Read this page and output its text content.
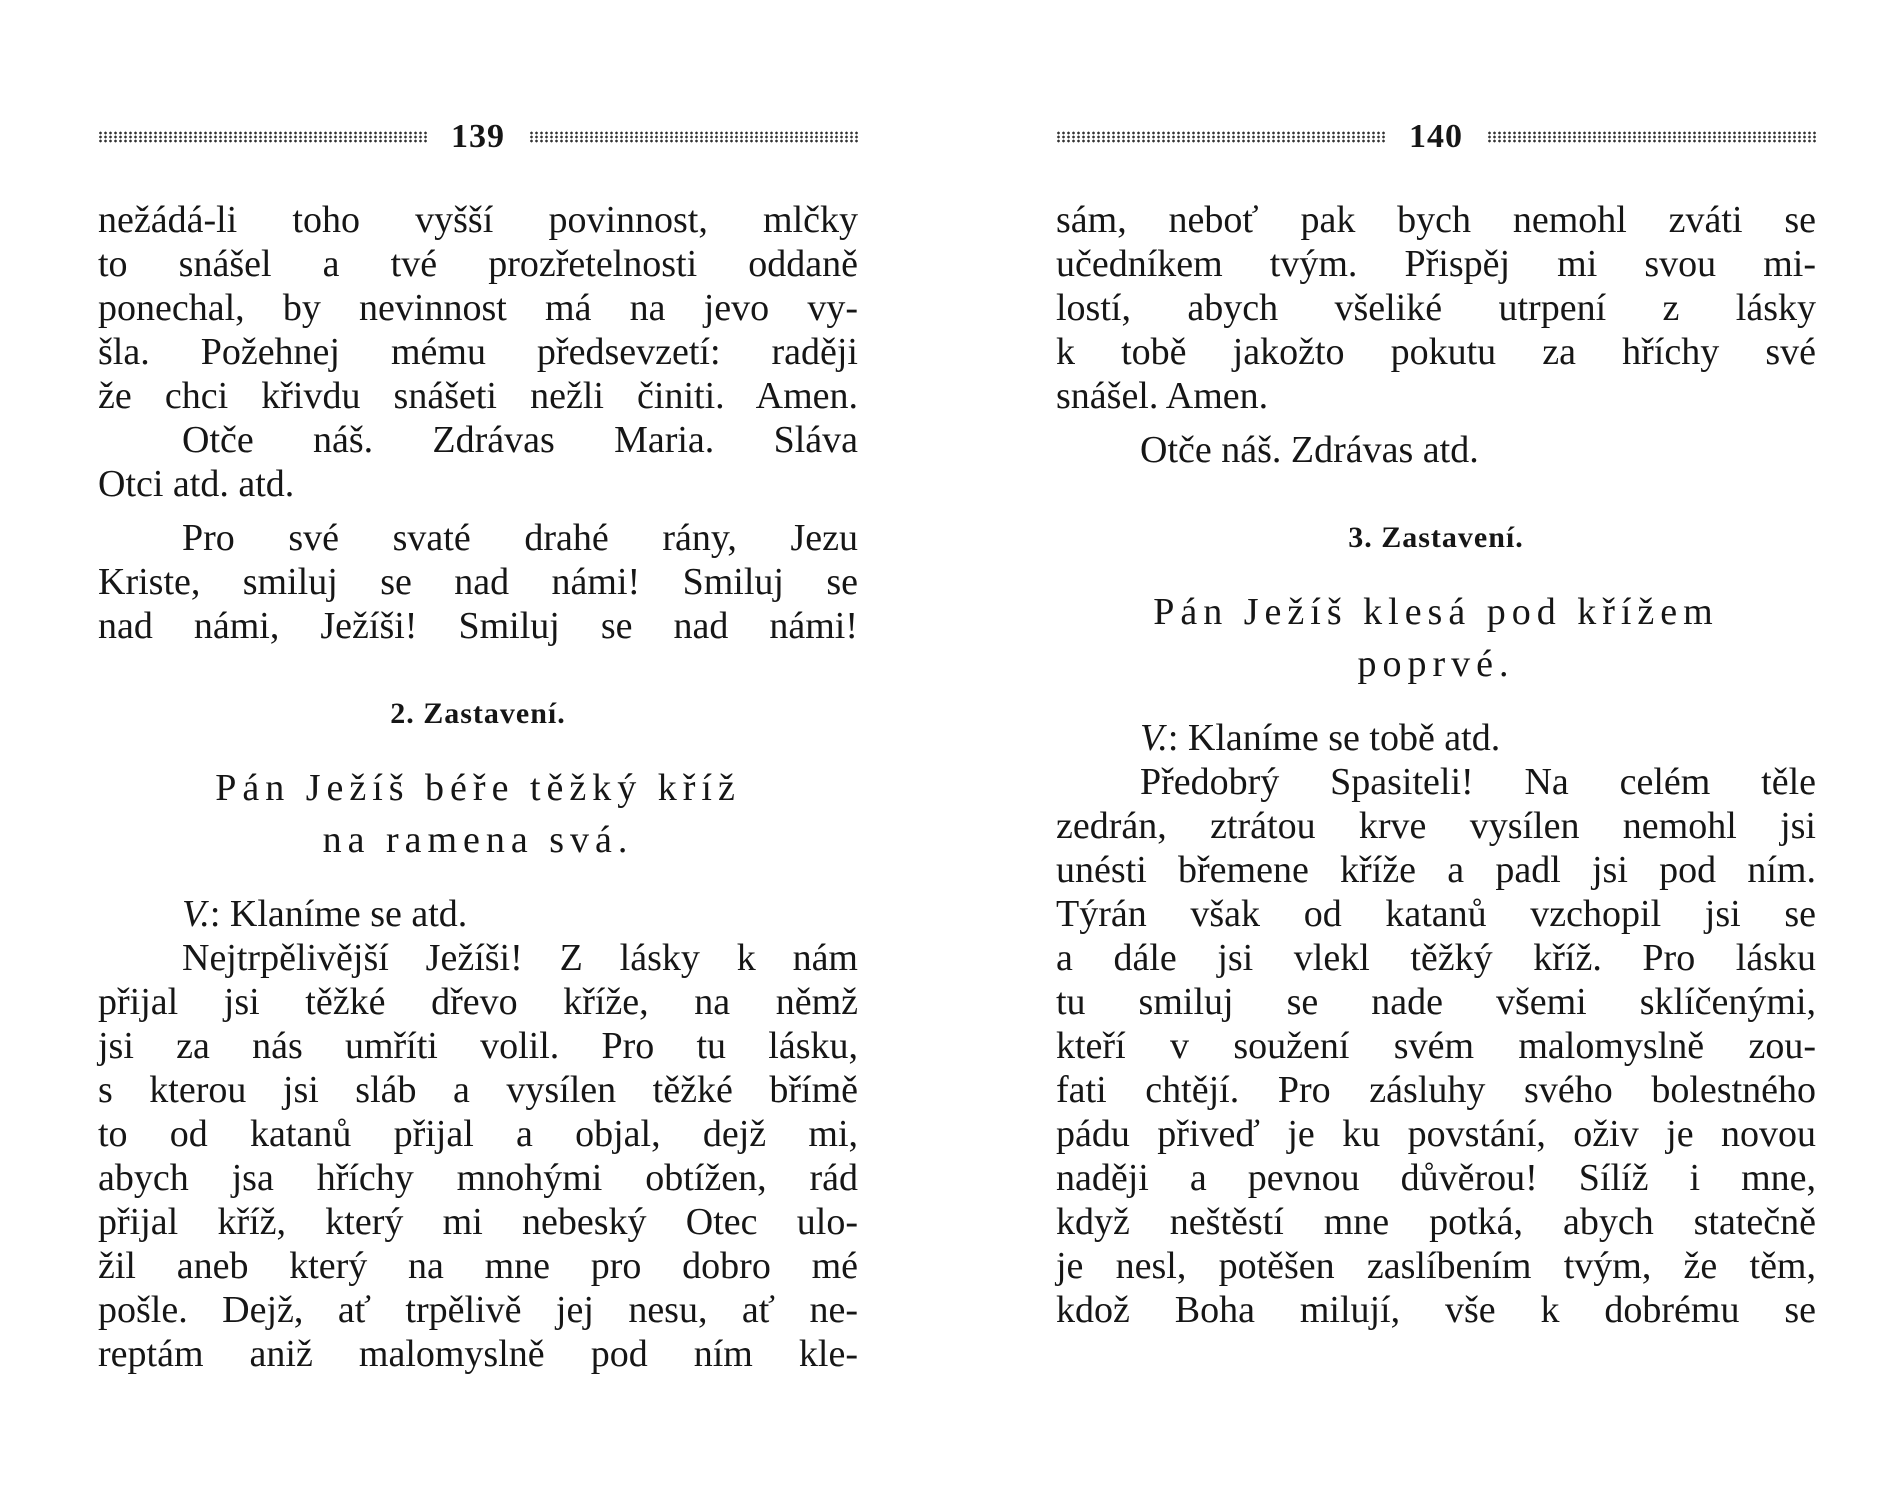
139
nežádá-li toho vyšší povinnost, mlčky
to snášel a tvé prozřetelnosti oddaně
ponechal, by nevinnost má na jevo vy-
šla. Požehnej mému předsevzetí: raději
že chci křivdu snášeti nežli činiti. Amen.
Otče náš. Zdrávas Maria. Sláva
Otci atd. atd.
Pro své svaté drahé rány, Jezu
Kriste, smiluj se nad námi! Smiluj se
nad námi, Ježíši! Smiluj se nad námi!
2. Zastavení.
Pán Ježíš béře těžký kříž
na ramena svá.
V.: Klaníme se atd.
Nejtrpělivější Ježíši! Z lásky k nám
přijal jsi těžké dřevo kříže, na němž
jsi za nás umříti volil. Pro tu lásku,
s kterou jsi sláb a vysílen těžké břímě
to od katanů přijal a objal, dejž mi,
abych jsa hříchy mnohými obtížen, rád
přijal kříž, který mi nebeský Otec ulo-
žil aneb který na mne pro dobro mé
pošle. Dejž, ať trpělivě jej nesu, ať ne-
reptám aniž malomyslně pod ním kle-
140
sám, neboť pak bych nemohl zváti se
učedníkem tvým. Přispěj mi svou mi-
lostí, abych všeliké utrpení z lásky
k tobě jakožto pokutu za hříchy své
snášel. Amen.
Otče náš. Zdrávas atd.
3. Zastavení.
Pán Ježíš klesá pod křížem
poprvé.
V.: Klaníme se tobě atd.
Předobrý Spasiteli! Na celém těle
zedrán, ztrátou krve vysílen nemohl jsi
unésti břemene kříže a padl jsi pod ním.
Týrán však od katanů vzchopil jsi se
a dále jsi vlekl těžký kříž. Pro lásku
tu smiluj se nade všemi sklíčenými,
kteří v soužení svém malomyslně zou-
fati chtějí. Pro zásluhy svého bolestného
pádu přiveď je ku povstání, oživ je novou
naději a pevnou důvěrou! Sílíž i mne,
když neštěstí mne potká, abych statečně
je nesl, potěšen zaslíbením tvým, že těm,
kdož Boha milují, vše k dobrému se
